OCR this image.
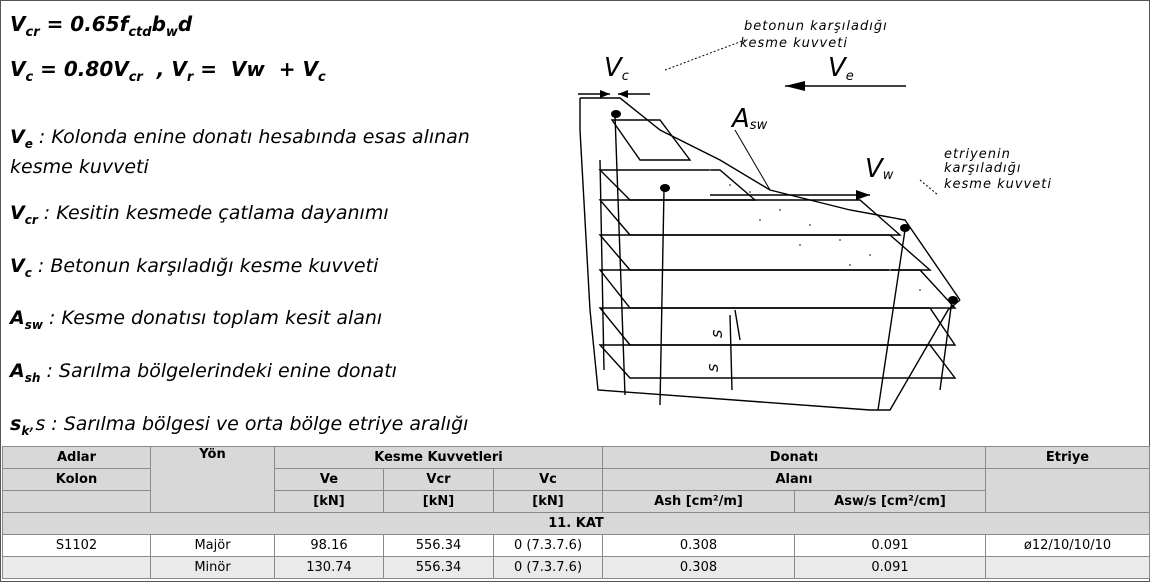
$V_{cr} = 0.65f_{ctd}b_wd$
$V_c = 0.80V_{cr}$  , $V_r = Vw + V_c$
$V_e$ : Kolonda enine donatı hesabında esas alınan kesme kuvveti
$V_{cr}$ : Kesitin kesmede çatlama dayanımı
$V_c$ : Betonun karşıladığı kesme kuvveti
$A_{sw}$ : Kesme donatısı toplam kesit alanı
$A_{sh}$ : Sarılma bölgelerindeki enine donatı
$s_k,s$ : Sarılma bölgesi ve orta bölge etriye aralığı
Vc	Ve
Asw
Vw
betonun karşıladığı
kesme kuvveti
etriyenin
karşıladığı
kesme kuvveti
s
s
Adlar	Yön	Kesme Kuvvetleri			Donatı		Etriye
Kolon		Ve	Vcr	Vc	Alanı		
		[kN]	[kN]	[kN]	Ash [cm²/m]	Asw/s [cm²/cm]	
11. KAT							
S1102	Majör	98.16	556.34	0 (7.3.7.6)	0.308	0.091	ø12/10/10/10
	Minör	130.74	556.34	0 (7.3.7.6)	0.308	0.091	
